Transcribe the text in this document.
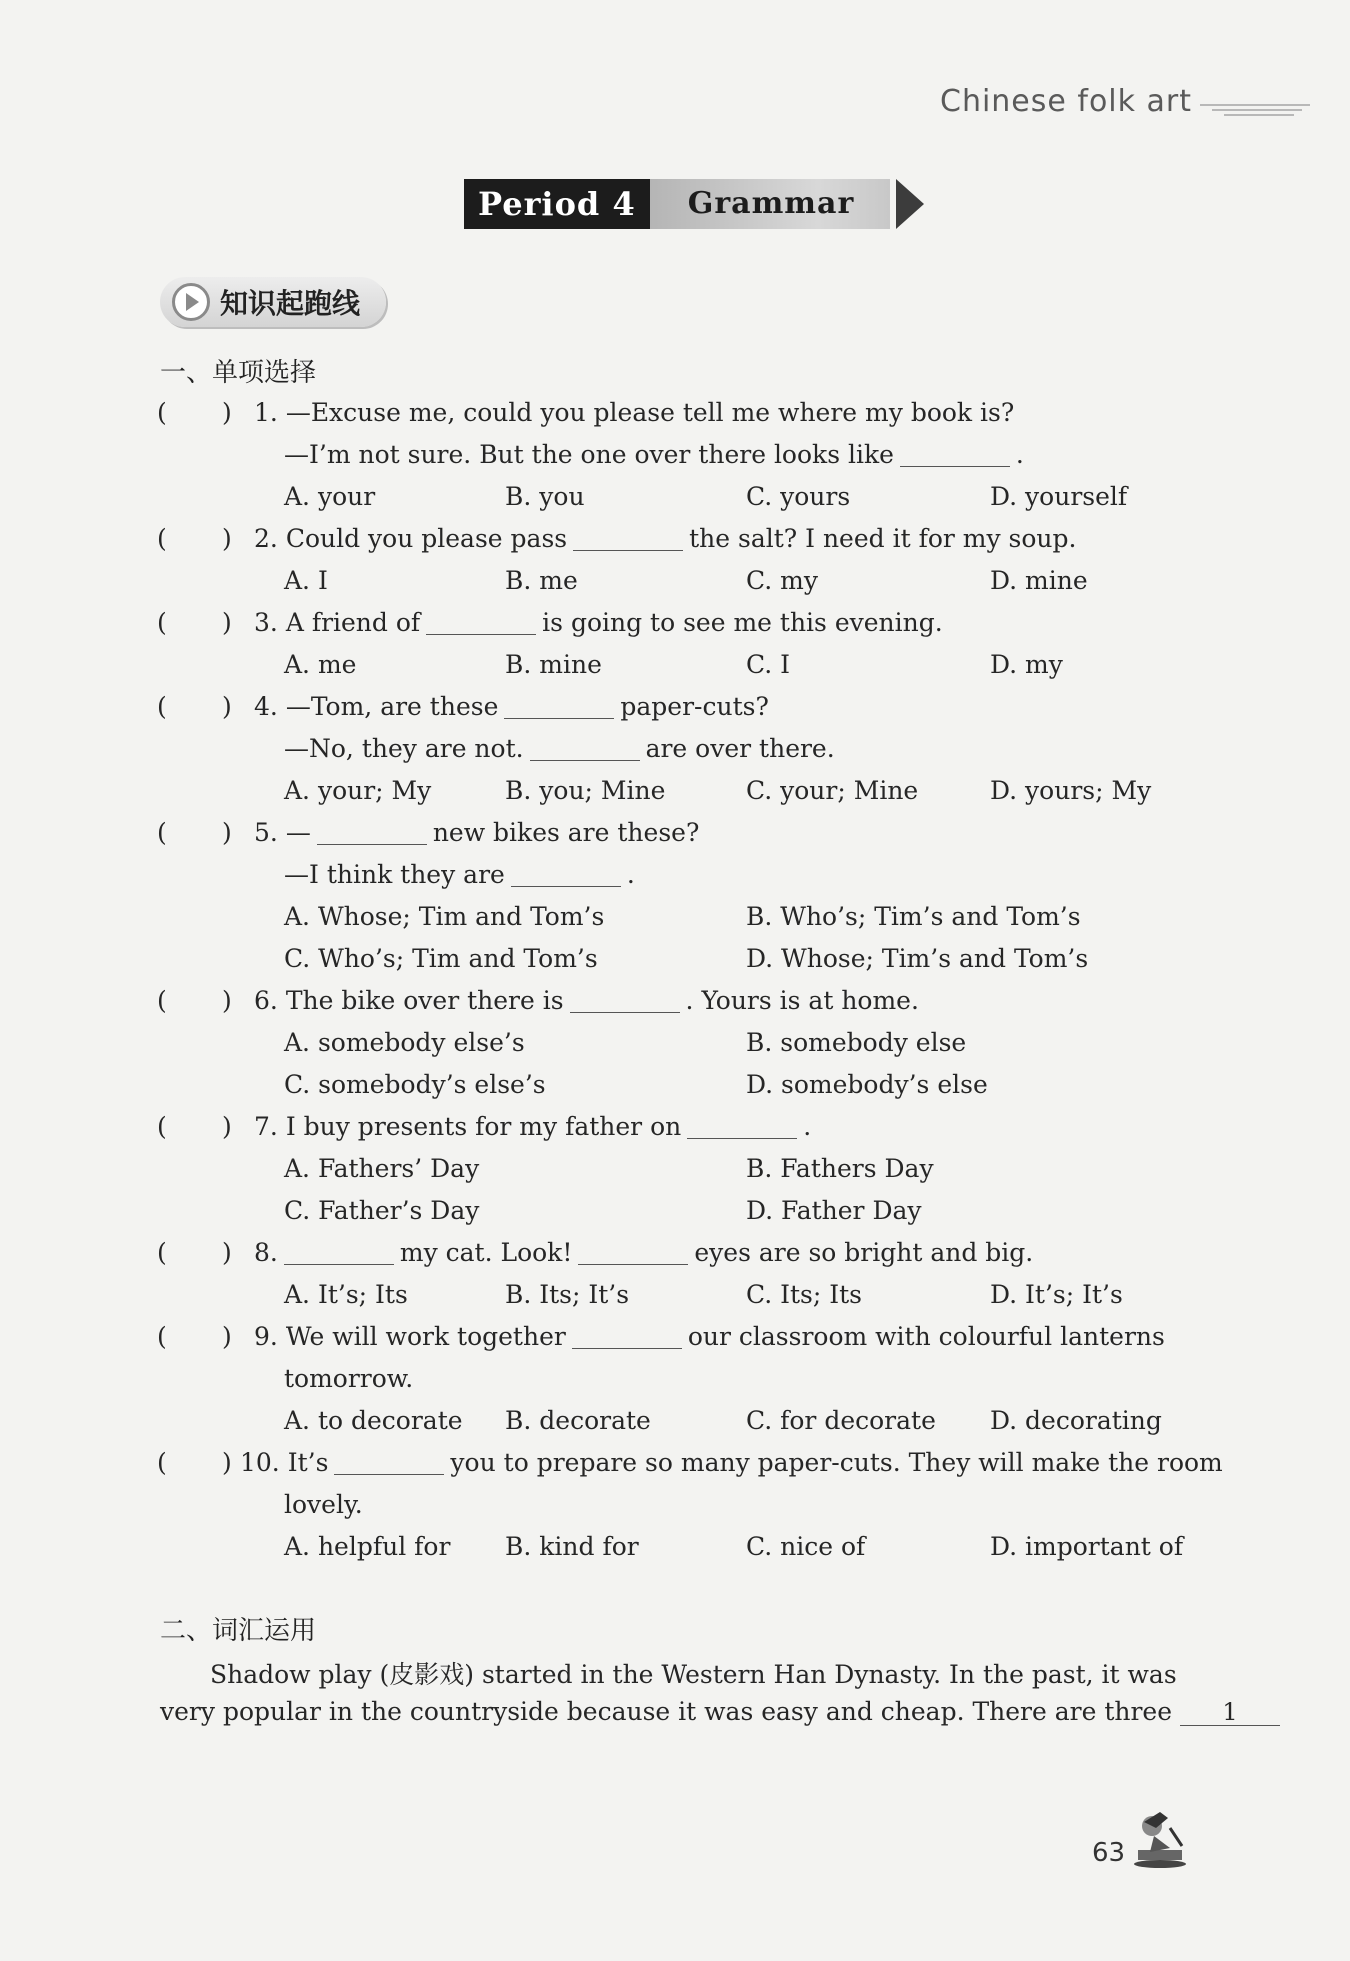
Chinese folk art
Period 4	Grammar
知识起跑线
一、单项选择
( ) 1. —Excuse me, could you please tell me where my book is?
—I’m not sure. But the one over there looks like	.
A. your	B. you	C. yours	D. yourself
( ) 2. Could you please pass	the salt? I need it for my soup.
A. I	B. me	C. my	D. mine
( ) 3. A friend of	is going to see me this evening.
A. me	B. mine	C. I	D. my
( ) 4. —Tom, are these	paper-cuts?
—No, they are not.	are over there.
A. your; My	B. you; Mine	C. your; Mine	D. yours; My
( ) 5. —	new bikes are these?
—I think they are	.
A. Whose; Tim and Tom’s	B. Who’s; Tim’s and Tom’s
C. Who’s; Tim and Tom’s	D. Whose; Tim’s and Tom’s
( ) 6. The bike over there is	. Yours is at home.
A. somebody else’s	B. somebody else
C. somebody’s else’s	D. somebody’s else
( ) 7. I buy presents for my father on	.
A. Fathers’ Day	B. Fathers Day
C. Father’s Day	D. Father Day
( ) 8.	my cat. Look!	eyes are so bright and big.
A. It’s; Its	B. Its; It’s	C. Its; Its	D. It’s; It’s
( ) 9. We will work together	our classroom with colourful lanterns
tomorrow.
A. to decorate B. decorate	C. for decorate D. decorating
( ) 10. It’s	you to prepare so many paper-cuts. They will make the room
lovely.
A. helpful for B. kind for	C. nice of	D. important of
二、词汇运用
Shadow play (皮影戏) started in the Western Han Dynasty. In the past, it was
very popular in the countryside because it was easy and cheap. There are three 1
63
